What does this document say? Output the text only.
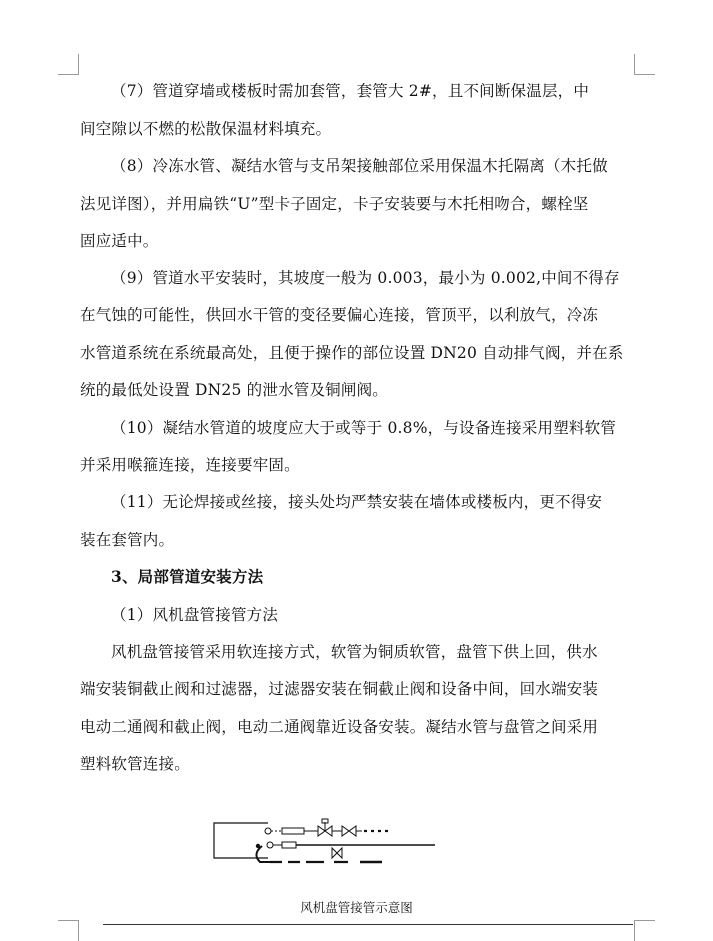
（7）管道穿墙或楼板时需加套管，套管大 2#，且不间断保温层，中
间空隙以不燃的松散保温材料填充。
（8）冷冻水管、凝结水管与支吊架接触部位采用保温木托隔离（木托做
法见详图），并用扁铁“U”型卡子固定，卡子安装要与木托相吻合，螺栓坚
固应适中。
（9）管道水平安装时，其坡度一般为 0.003，最小为 0.002,中间不得存
在气蚀的可能性，供回水干管的变径要偏心连接，管顶平，以利放气，冷冻
水管道系统在系统最高处，且便于操作的部位设置 DN20 自动排气阀，并在系
统的最低处设置 DN25 的泄水管及铜闸阀。
（10）凝结水管道的坡度应大于或等于 0.8%，与设备连接采用塑料软管
并采用喉箍连接，连接要牢固。
（11）无论焊接或丝接，接头处均严禁安装在墙体或楼板内，更不得安
装在套管内。
3、局部管道安装方法
（1）风机盘管接管方法
风机盘管接管采用软连接方式，软管为铜质软管，盘管下供上回，供水
端安装铜截止阀和过滤器，过滤器安装在铜截止阀和设备中间，回水端安装
电动二通阀和截止阀，电动二通阀靠近设备安装。凝结水管与盘管之间采用
塑料软管连接。
风机盘管接管示意图
